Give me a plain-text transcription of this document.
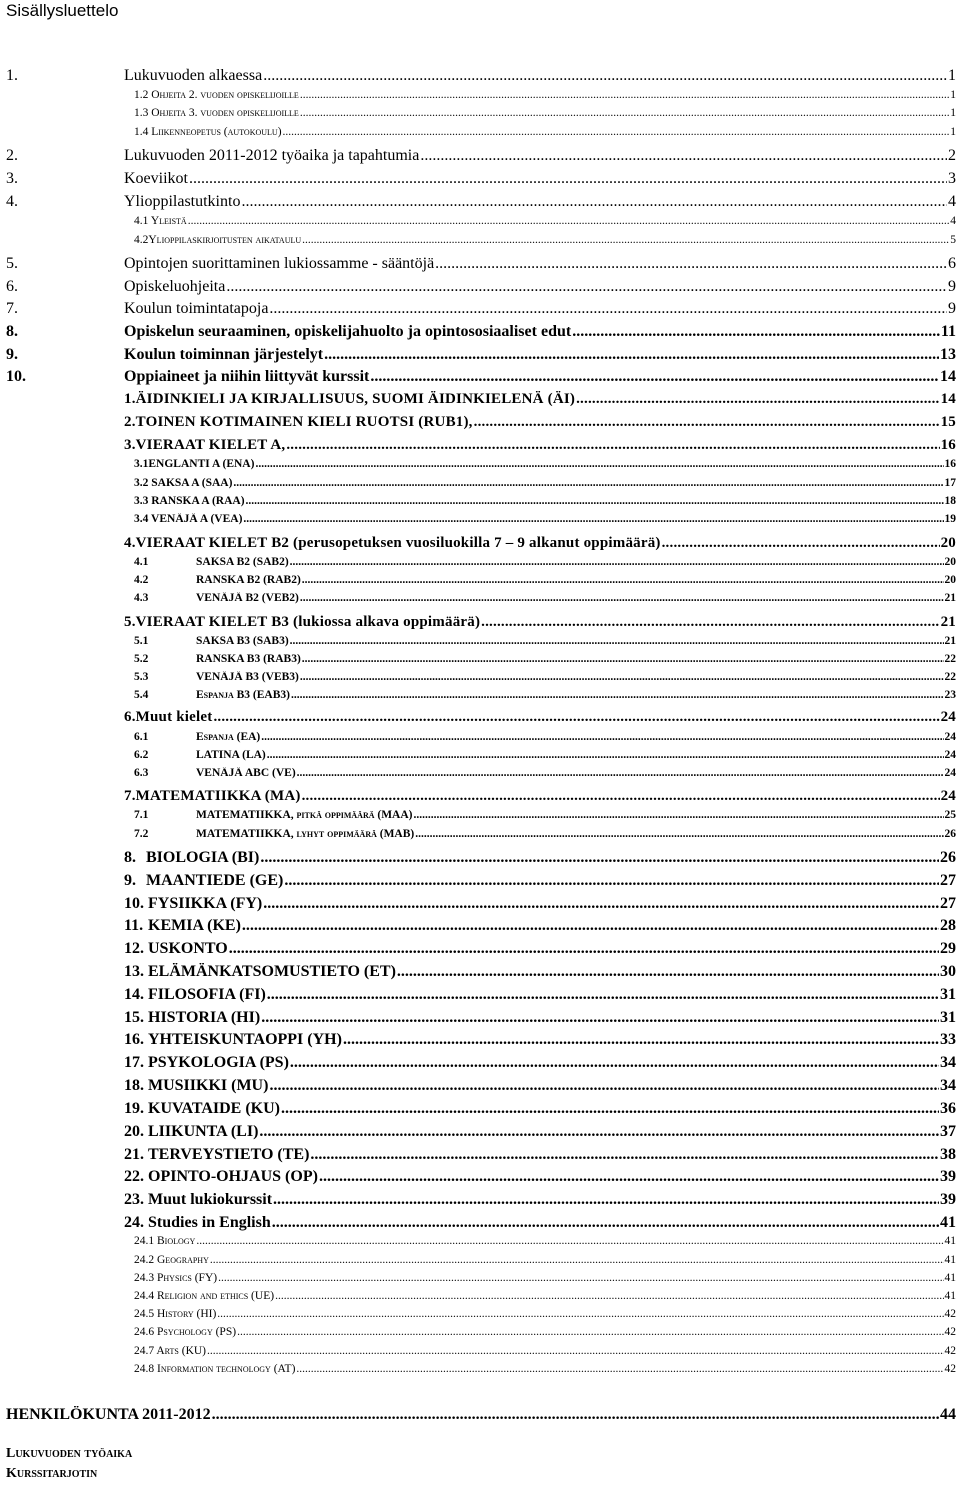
Sisällysluettelo
1.	Lukuvuoden alkaessa .....	1
1.2 Ohjeita 2. vuoden opiskelijoille .....	1
1.3 Ohjeita 3. vuoden opiskelijoille .....	1
1.4 Liikenneopetus (autokoulu) .....	1
2.	Lukuvuoden 2011-2012 työaika ja tapahtumia .....	2
3.	Koeviikot .....	3
4.	Ylioppilastutkinto .....	4
4.1 Yleistä .....	4
4.2Ylioppilaskirjoitusten aikataulu .....	5
5.	Opintojen suorittaminen lukiossamme - sääntöjä .....	6
6.	Opiskeluohjeita .....	9
7.	Koulun toimintatapoja .....	9
8.	Opiskelun seuraaminen, opiskelijahuolto ja opintososiaaliset edut .....	11
9.	Koulun toiminnan järjestelyt .....	13
10.	Oppiaineet ja niihin liittyvät kurssit .....	14
1.ÄIDINKIELI JA KIRJALLISUUS, SUOMI ÄIDINKIELENÄ (ÄI) .....	14
2.TOINEN KOTIMAINEN KIELI RUOTSI (RUB1), .....	15
3.VIERAAT KIELET A, .....	16
3.1ENGLANTI A (ENA) .....	16
3.2 SAKSA A (SAA) .....	17
3.3 RANSKA A (RAA) .....	18
3.4 VENÄJÄ A (VEA) .....	19
4.VIERAAT KIELET B2 (perusopetuksen vuosiluokilla 7 – 9 alkanut oppimäärä) .....	20
4.1	SAKSA B2 (SAB2) .....	20
4.2	RANSKA B2 (RAB2) .....	20
4.3	VENÄJÄ B2 (VEB2) .....	21
5.VIERAAT KIELET B3 (lukiossa alkava oppimäärä) .....	21
5.1	SAKSA B3 (SAB3) .....	21
5.2	RANSKA B3 (RAB3) .....	22
5.3	VENÄJÄ B3 (VEB3) .....	22
5.4	Espanja B3 (EAB3) .....	23
6.Muut kielet .....	24
6.1	Espanja (EA) .....	24
6.2	LATINA (LA) .....	24
6.3	VENÄJÄ ABC (VE) .....	24
7.MATEMATIIKKA (MA) .....	24
7.1	MATEMATIIKKA, pitkä oppimäärä (MAA) .....	25
7.2	MATEMATIIKKA, lyhyt oppimäärä (MAB) .....	26
8. BIOLOGIA (BI) .....	26
9. MAANTIEDE (GE) .....	27
10. FYSIIKKA (FY) .....	27
11. KEMIA (KE) .....	28
12. USKONTO .....	29
13. ELÄMÄNKATSOMUSTIETO (ET) .....	30
14. FILOSOFIA (FI) .....	31
15. HISTORIA (HI) .....	31
16. YHTEISKUNTAOPPI (YH) .....	33
17. PSYKOLOGIA (PS) .....	34
18. MUSIIKKI (MU) .....	34
19. KUVATAIDE (KU) .....	36
20. LIIKUNTA (LI) .....	37
21. TERVEYSTIETO (TE) .....	38
22. OPINTO-OHJAUS (OP) .....	39
23. Muut lukiokurssit .....	39
24. Studies in English .....	41
24.1 Biology .....	41
24.2 Geography .....	41
24.3 Physics (FY) .....	41
24.4 Religion and ethics (UE) .....	41
24.5 History (HI) .....	42
24.6 Psychology (PS) .....	42
24.7 Arts (KU) .....	42
24.8 Information technology (AT) .....	42
HENKILÖKUNTA 2011-2012 .....	44
Lukuvuoden työaika
Kurssitarjotin
